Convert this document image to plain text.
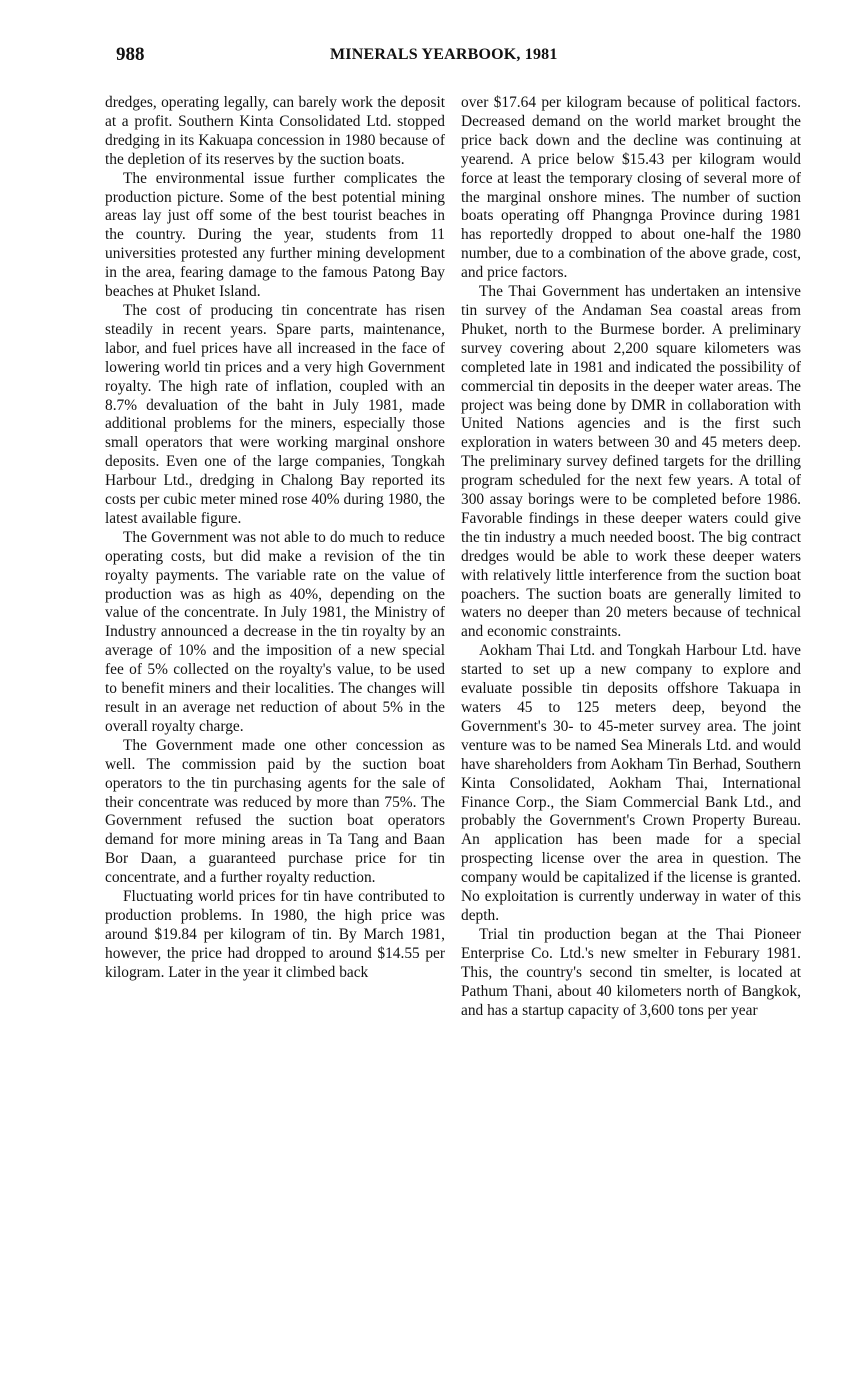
988	MINERALS YEARBOOK, 1981

dredges, operating legally, can barely work the deposit at a profit. Southern Kinta Consolidated Ltd. stopped dredging in its Kakuapa concession in 1980 because of the depletion of its reserves by the suction boats.

The environmental issue further complicates the production picture. Some of the best potential mining areas lay just off some of the best tourist beaches in the country. During the year, students from 11 universities protested any further mining development in the area, fearing damage to the famous Patong Bay beaches at Phuket Island.

The cost of producing tin concentrate has risen steadily in recent years. Spare parts, maintenance, labor, and fuel prices have all increased in the face of lowering world tin prices and a very high Government royalty. The high rate of inflation, coupled with an 8.7% devaluation of the baht in July 1981, made additional problems for the miners, especially those small operators that were working marginal onshore deposits. Even one of the large companies, Tongkah Harbour Ltd., dredging in Chalong Bay reported its costs per cubic meter mined rose 40% during 1980, the latest available figure.

The Government was not able to do much to reduce operating costs, but did make a revision of the tin royalty payments. The variable rate on the value of production was as high as 40%, depending on the value of the concentrate. In July 1981, the Ministry of Industry announced a decrease in the tin royalty by an average of 10% and the imposition of a new special fee of 5% collected on the royalty's value, to be used to benefit miners and their localities. The changes will result in an average net reduction of about 5% in the overall royalty charge.

The Government made one other concession as well. The commission paid by the suction boat operators to the tin purchasing agents for the sale of their concentrate was reduced by more than 75%. The Government refused the suction boat operators demand for more mining areas in Ta Tang and Baan Bor Daan, a guaranteed purchase price for tin concentrate, and a further royalty reduction.

Fluctuating world prices for tin have contributed to production problems. In 1980, the high price was around $19.84 per kilogram of tin. By March 1981, however, the price had dropped to around $14.55 per kilogram. Later in the year it climbed back

over $17.64 per kilogram because of political factors. Decreased demand on the world market brought the price back down and the decline was continuing at yearend. A price below $15.43 per kilogram would force at least the temporary closing of several more of the marginal onshore mines. The number of suction boats operating off Phangnga Province during 1981 has reportedly dropped to about one-half the 1980 number, due to a combination of the above grade, cost, and price factors.

The Thai Government has undertaken an intensive tin survey of the Andaman Sea coastal areas from Phuket, north to the Burmese border. A preliminary survey covering about 2,200 square kilometers was completed late in 1981 and indicated the possibility of commercial tin deposits in the deeper water areas. The project was being done by DMR in collaboration with United Nations agencies and is the first such exploration in waters between 30 and 45 meters deep. The preliminary survey defined targets for the drilling program scheduled for the next few years. A total of 300 assay borings were to be completed before 1986. Favorable findings in these deeper waters could give the tin industry a much needed boost. The big contract dredges would be able to work these deeper waters with relatively little interference from the suction boat poachers. The suction boats are generally limited to waters no deeper than 20 meters because of technical and economic constraints.

Aokham Thai Ltd. and Tongkah Harbour Ltd. have started to set up a new company to explore and evaluate possible tin deposits offshore Takuapa in waters 45 to 125 meters deep, beyond the Government's 30- to 45-meter survey area. The joint venture was to be named Sea Minerals Ltd. and would have shareholders from Aokham Tin Berhad, Southern Kinta Consolidated, Aokham Thai, International Finance Corp., the Siam Commercial Bank Ltd., and probably the Government's Crown Property Bureau. An application has been made for a special prospecting license over the area in question. The company would be capitalized if the license is granted. No exploitation is currently underway in water of this depth.

Trial tin production began at the Thai Pioneer Enterprise Co. Ltd.'s new smelter in Feburary 1981. This, the country's second tin smelter, is located at Pathum Thani, about 40 kilometers north of Bangkok, and has a startup capacity of 3,600 tons per year
